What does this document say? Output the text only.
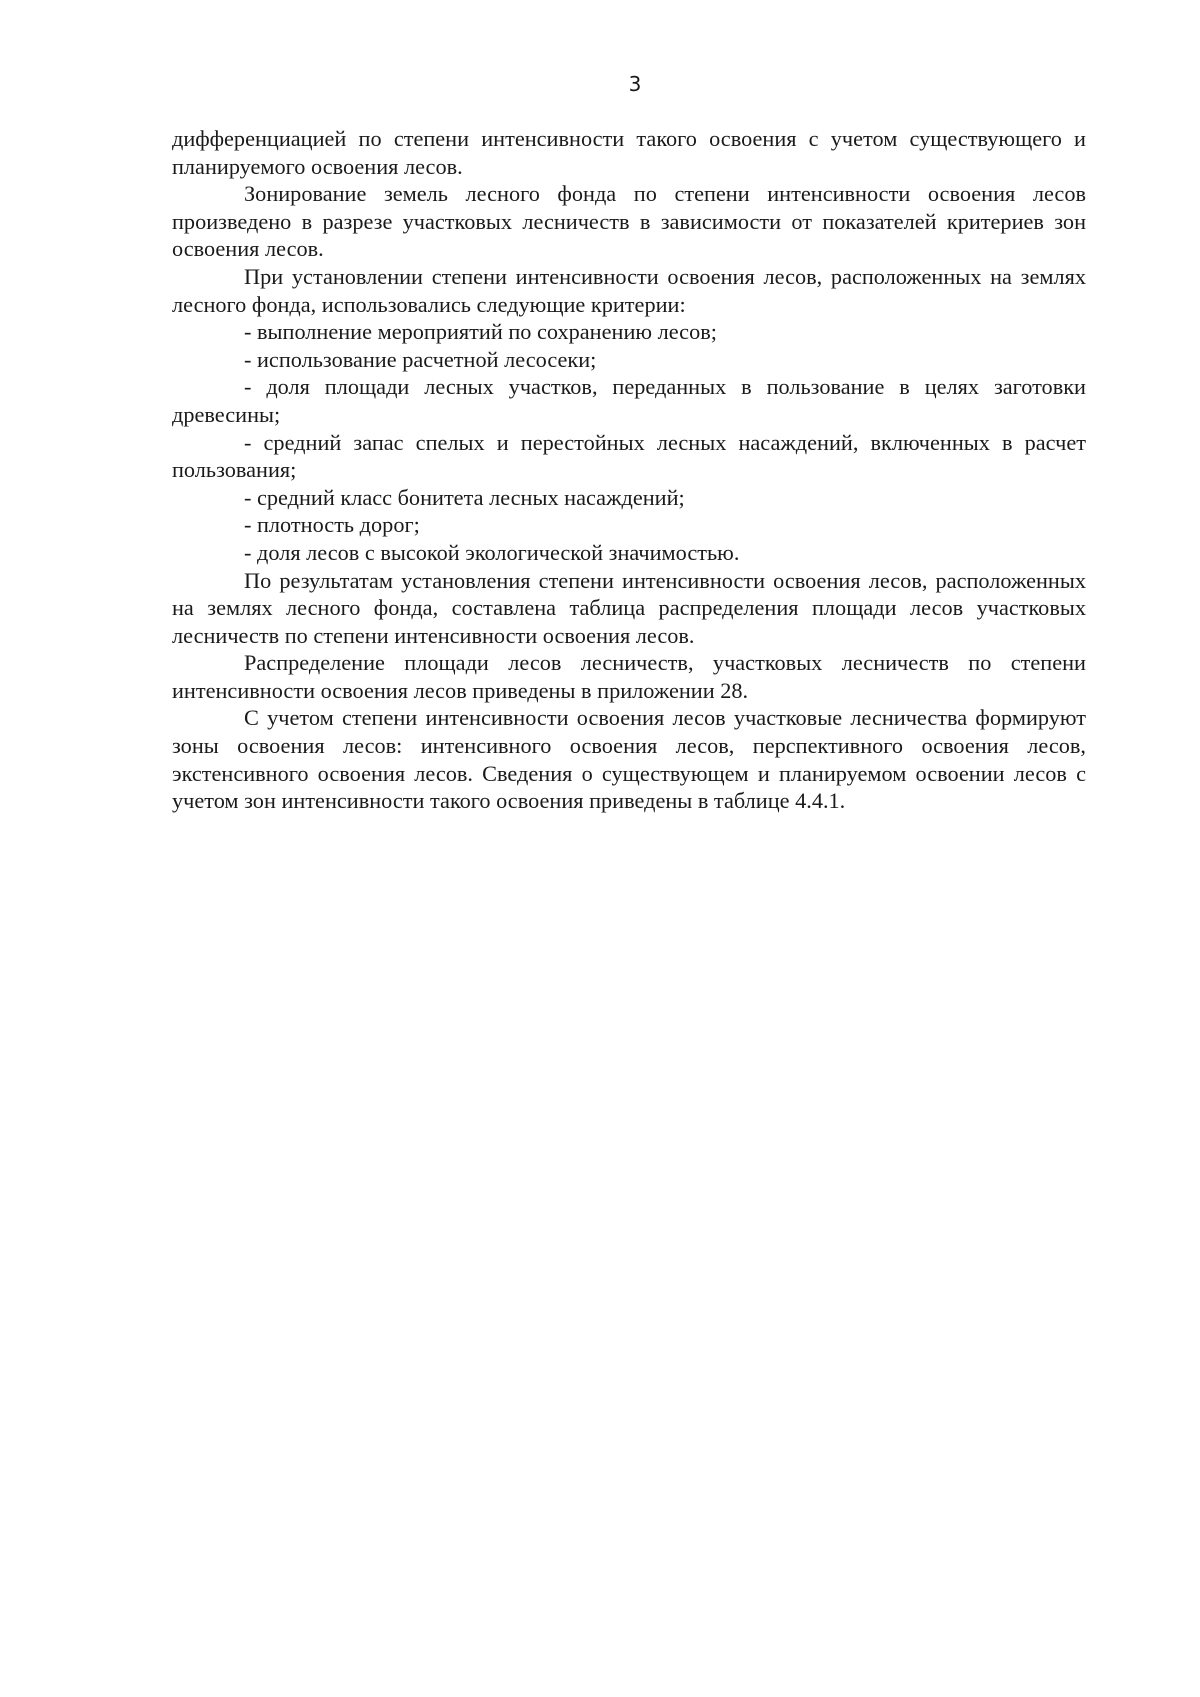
3

дифференциацией по степени интенсивности такого освоения с учетом существующего и планируемого освоения лесов.

Зонирование земель лесного фонда по степени интенсивности освоения лесов произведено в разрезе участковых лесничеств в зависимости от показателей критериев зон освоения лесов.

При установлении степени интенсивности освоения лесов, расположенных на землях лесного фонда, использовались следующие критерии:

- выполнение мероприятий по сохранению лесов;

- использование расчетной лесосеки;

- доля площади лесных участков, переданных в пользование в целях заготовки древесины;

- средний запас спелых и перестойных лесных насаждений, включенных в расчет пользования;

- средний класс бонитета лесных насаждений;

- плотность дорог;

- доля лесов с высокой экологической значимостью.

По результатам установления степени интенсивности освоения лесов, расположенных на землях лесного фонда, составлена таблица распределения площади лесов участковых лесничеств по степени интенсивности освоения лесов.

Распределение площади лесов лесничеств, участковых лесничеств по степени интенсивности освоения лесов приведены в приложении 28.

С учетом степени интенсивности освоения лесов участковые лесничества формируют зоны освоения лесов: интенсивного освоения лесов, перспективного освоения лесов, экстенсивного освоения лесов. Сведения о существующем и планируемом освоении лесов с учетом зон интенсивности такого освоения приведены в таблице 4.4.1.
